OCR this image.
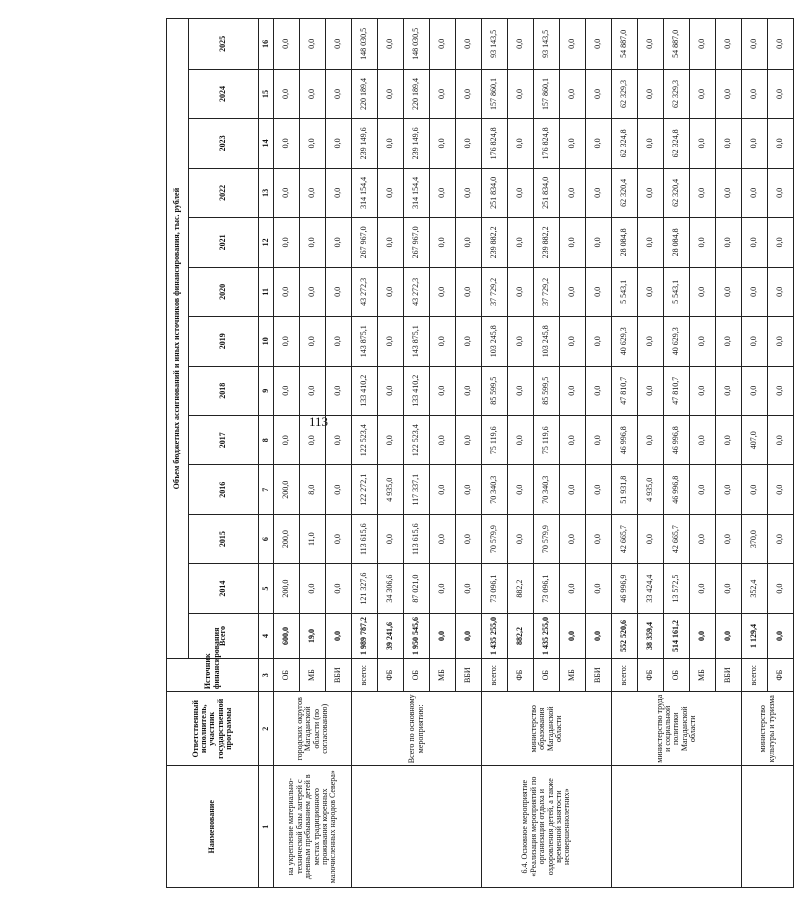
113
Наименование	Ответственный исполнитель, участник государственной программы	Источник финансирования	Объем бюджетных ассигнований и иных источников финансирования, тыс. рублей												
			Всего	2014	2015	2016	2017	2018	2019	2020	2021	2022	2023	2024	2025
1	2	3	4	5	6	7	8	9	10	11	12	13	14	15	16
на укрепление материально-технической базы лагерей с дневным пребыванием детей в местах традиционного проживания коренных малочисленных народов Севера»	городских округов Магаданской области (по согласованию)	ОБ	600,0	200,0	200,0	200,0	0,0	0,0	0,0	0,0	0,0	0,0	0,0	0,0	0,0
		МБ	19,0	0,0	11,0	8,0	0,0	0,0	0,0	0,0	0,0	0,0	0,0	0,0	0,0
		ВБИ	0,0	0,0	0,0	0,0	0,0	0,0	0,0	0,0	0,0	0,0	0,0	0,0	0,0
	Всего по основному мероприятию:	всего:	1 989 787,2	121 327,6	113 615,6	122 272,1	122 523,4	133 410,2	143 875,1	43 272,3	267 967,0	314 154,4	239 149,6	220 189,4	148 030,5
		ФБ	39 241,6	34 306,6	0,0	4 935,0	0,0	0,0	0,0	0,0	0,0	0,0	0,0	0,0	0,0
		ОБ	1 950 545,6	87 021,0	113 615,6	117 337,1	122 523,4	133 410,2	143 875,1	43 272,3	267 967,0	314 154,4	239 149,6	220 189,4	148 030,5
		МБ	0,0	0,0	0,0	0,0	0,0	0,0	0,0	0,0	0,0	0,0	0,0	0,0	0,0
		ВБИ	0,0	0,0	0,0	0,0	0,0	0,0	0,0	0,0	0,0	0,0	0,0	0,0	0,0
6.4. Основное мероприятие «Реализация мероприятий по организации отдыха и оздоровления детей, а также временной занятости несовершеннолетних»	министерство образования Магаданской области	всего:	1 435 255,0	73 096,1	70 579,9	70 340,3	75 119,6	85 599,5	103 245,8	37 729,2	239 882,2	251 834,0	176 824,8	157 860,1	93 143,5
		ФБ	882,2	882,2	0,0	0,0	0,0	0,0	0,0	0,0	0,0	0,0	0,0	0,0	0,0
		ОБ	1 435 255,0	73 096,1	70 579,9	70 340,3	75 119,6	85 599,5	103 245,8	37 729,2	239 882,2	251 834,0	176 824,8	157 860,1	93 143,5
		МБ	0,0	0,0	0,0	0,0	0,0	0,0	0,0	0,0	0,0	0,0	0,0	0,0	0,0
		ВБИ	0,0	0,0	0,0	0,0	0,0	0,0	0,0	0,0	0,0	0,0	0,0	0,0	0,0
	министерство труда и социальной политики Магаданской области	всего:	552 520,6	46 996,9	42 665,7	51 931,8	46 996,8	47 810,7	40 629,3	5 543,1	28 084,8	62 320,4	62 324,8	62 329,3	54 887,0
		ФБ	38 359,4	33 424,4	0,0	4 935,0	0,0	0,0	0,0	0,0	0,0	0,0	0,0	0,0	0,0
		ОБ	514 161,2	13 572,5	42 665,7	46 996,8	46 996,8	47 810,7	40 629,3	5 543,1	28 084,8	62 320,4	62 324,8	62 329,3	54 887,0
		МБ	0,0	0,0	0,0	0,0	0,0	0,0	0,0	0,0	0,0	0,0	0,0	0,0	0,0
		ВБИ	0,0	0,0	0,0	0,0	0,0	0,0	0,0	0,0	0,0	0,0	0,0	0,0	0,0
	министерство культуры и туризма	всего:	1 129,4	352,4	370,0	0,0	407,0	0,0	0,0	0,0	0,0	0,0	0,0	0,0	0,0
		ФБ	0,0	0,0	0,0	0,0	0,0	0,0	0,0	0,0	0,0	0,0	0,0	0,0	0,0
